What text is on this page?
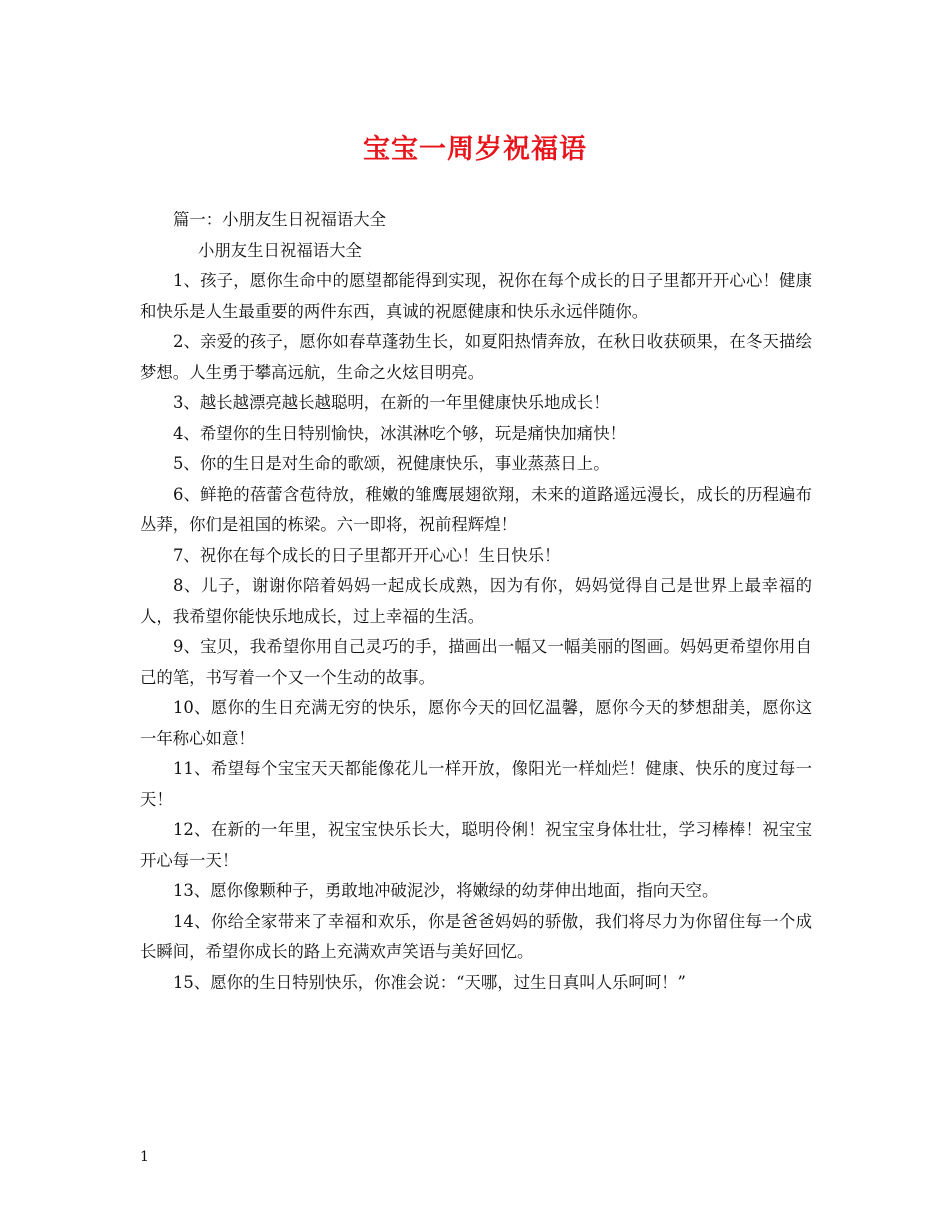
宝宝一周岁祝福语

篇一：小朋友生日祝福语大全

小朋友生日祝福语大全

1、孩子，愿你生命中的愿望都能得到实现，祝你在每个成长的日子里都开开心心！健康和快乐是人生最重要的两件东西，真诚的祝愿健康和快乐永远伴随你。

2、亲爱的孩子，愿你如春草蓬勃生长，如夏阳热情奔放，在秋日收获硕果，在冬天描绘梦想。人生勇于攀高远航，生命之火炫目明亮。

3、越长越漂亮越长越聪明，在新的一年里健康快乐地成长！

4、希望你的生日特别愉快，冰淇淋吃个够，玩是痛快加痛快！

5、你的生日是对生命的歌颂，祝健康快乐，事业蒸蒸日上。

6、鲜艳的蓓蕾含苞待放，稚嫩的雏鹰展翅欲翔，未来的道路遥远漫长，成长的历程遍布丛莽，你们是祖国的栋梁。六一即将，祝前程辉煌！

7、祝你在每个成长的日子里都开开心心！生日快乐！

8、儿子，谢谢你陪着妈妈一起成长成熟，因为有你，妈妈觉得自己是世界上最幸福的人，我希望你能快乐地成长，过上幸福的生活。

9、宝贝，我希望你用自己灵巧的手，描画出一幅又一幅美丽的图画。妈妈更希望你用自己的笔，书写着一个又一个生动的故事。

10、愿你的生日充满无穷的快乐，愿你今天的回忆温馨，愿你今天的梦想甜美，愿你这一年称心如意！

11、希望每个宝宝天天都能像花儿一样开放，像阳光一样灿烂！健康、快乐的度过每一天！

12、在新的一年里，祝宝宝快乐长大，聪明伶俐！祝宝宝身体壮壮，学习棒棒！祝宝宝开心每一天！

13、愿你像颗种子，勇敢地冲破泥沙，将嫩绿的幼芽伸出地面，指向天空。

14、你给全家带来了幸福和欢乐，你是爸爸妈妈的骄傲，我们将尽力为你留住每一个成长瞬间，希望你成长的路上充满欢声笑语与美好回忆。

15、愿你的生日特别快乐，你准会说：“天哪，过生日真叫人乐呵呵！”

1
